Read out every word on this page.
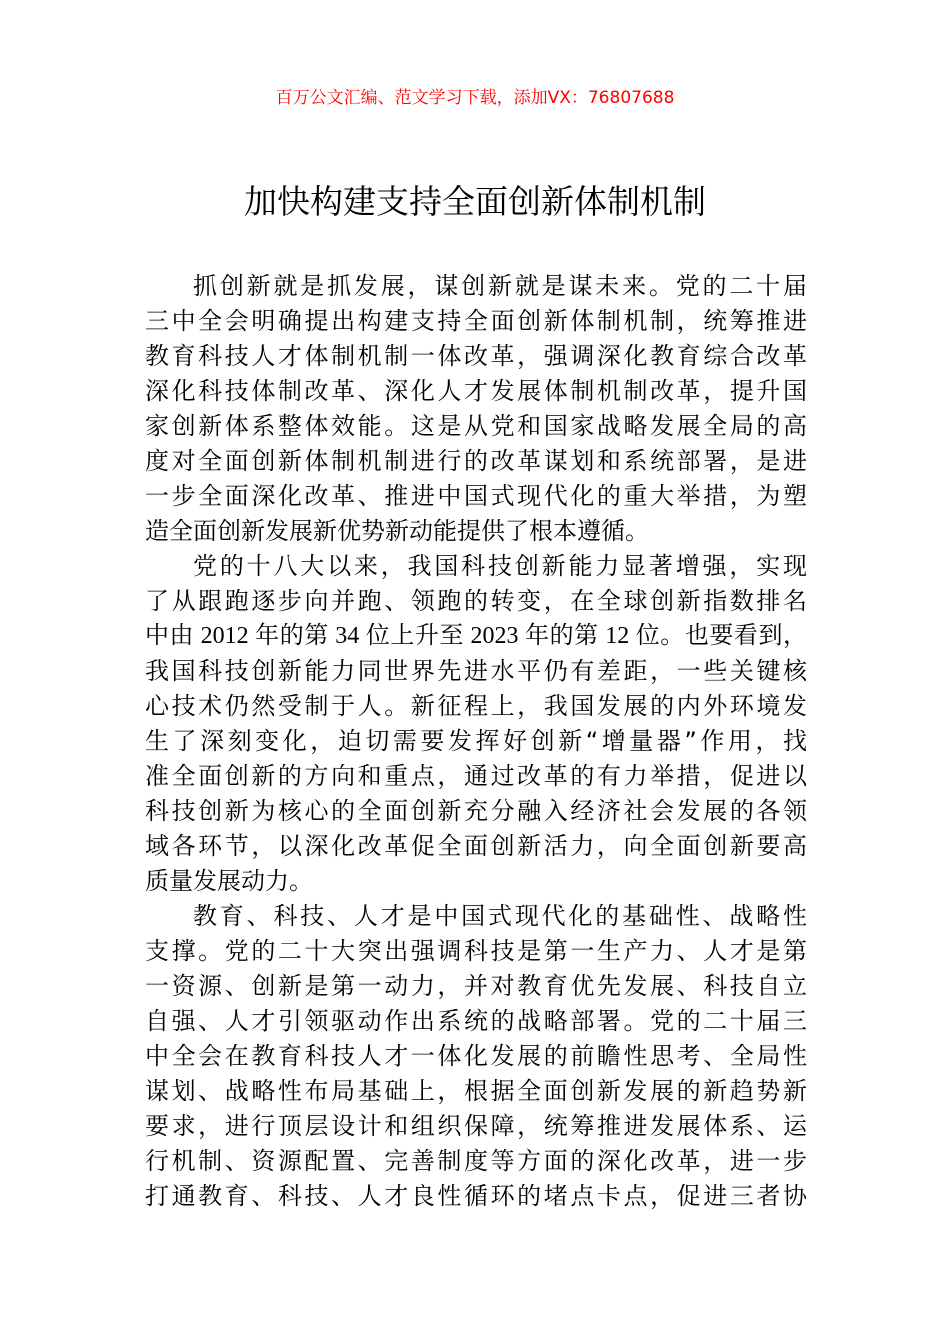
百万公文汇编、范文学习下载，添加VX：76807688
加快构建支持全面创新体制机制
抓创新就是抓发展，谋创新就是谋未来。党的二十届
三中全会明确提出构建支持全面创新体制机制，统筹推进
教育科技人才体制机制一体改革，强调深化教育综合改革
深化科技体制改革、深化人才发展体制机制改革，提升国
家创新体系整体效能。这是从党和国家战略发展全局的高
度对全面创新体制机制进行的改革谋划和系统部署，是进
一步全面深化改革、推进中国式现代化的重大举措，为塑
造全面创新发展新优势新动能提供了根本遵循。
党的十八大以来，我国科技创新能力显著增强，实现
了从跟跑逐步向并跑、领跑的转变，在全球创新指数排名
中由 2012 年的第 34 位上升至 2023 年的第 12 位。也要看到，
我国科技创新能力同世界先进水平仍有差距，一些关键核
心技术仍然受制于人。新征程上，我国发展的内外环境发
生了深刻变化，迫切需要发挥好创新“增量器”作用，找
准全面创新的方向和重点，通过改革的有力举措，促进以
科技创新为核心的全面创新充分融入经济社会发展的各领
域各环节，以深化改革促全面创新活力，向全面创新要高
质量发展动力。
教育、科技、人才是中国式现代化的基础性、战略性
支撑。党的二十大突出强调科技是第一生产力、人才是第
一资源、创新是第一动力，并对教育优先发展、科技自立
自强、人才引领驱动作出系统的战略部署。党的二十届三
中全会在教育科技人才一体化发展的前瞻性思考、全局性
谋划、战略性布局基础上，根据全面创新发展的新趋势新
要求，进行顶层设计和组织保障，统筹推进发展体系、运
行机制、资源配置、完善制度等方面的深化改革，进一步
打通教育、科技、人才良性循环的堵点卡点，促进三者协
